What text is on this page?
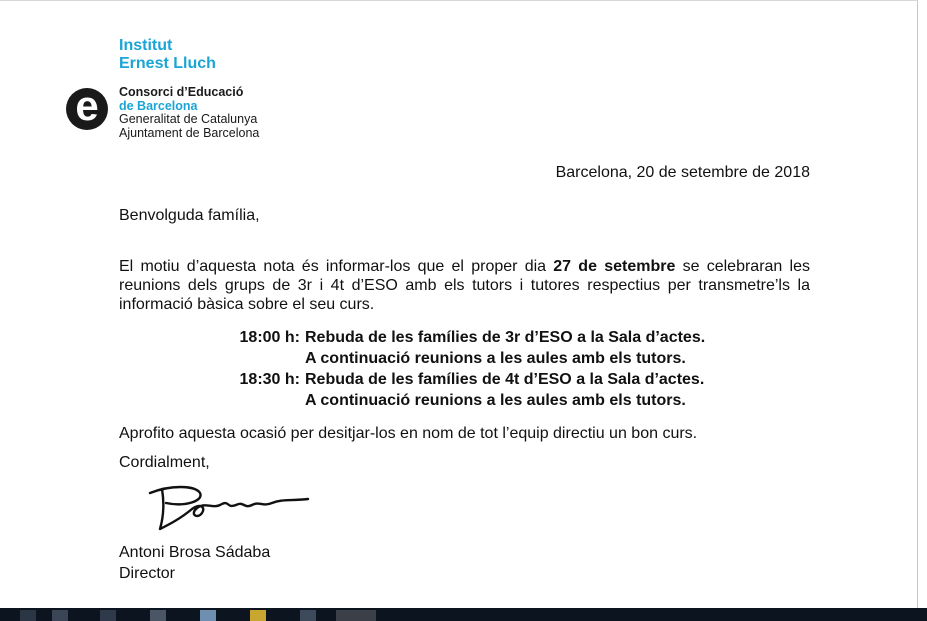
Institut
Ernest Lluch
e	Consorci d’Educació
de Barcelona
Generalitat de Catalunya
Ajuntament de Barcelona
Barcelona, 20 de setembre de 2018
Benvolguda família,
El motiu d’aquesta nota és informar-los que el proper dia 27 de setembre se celebraran les reunions dels grups de 3r i 4t d’ESO amb els tutors i tutores respectius per transmetre’ls la informació bàsica sobre el seu curs.
18:00 h: Rebuda de les famílies de 3r d’ESO a la Sala d’actes.
A continuació reunions a les aules amb els tutors.
18:30 h: Rebuda de les famílies de 4t d’ESO a la Sala d’actes.
A continuació reunions a les aules amb els tutors.
Aprofito aquesta ocasió per desitjar-los en nom de tot l’equip directiu un bon curs.
Cordialment,
Antoni Brosa Sádaba
Director
